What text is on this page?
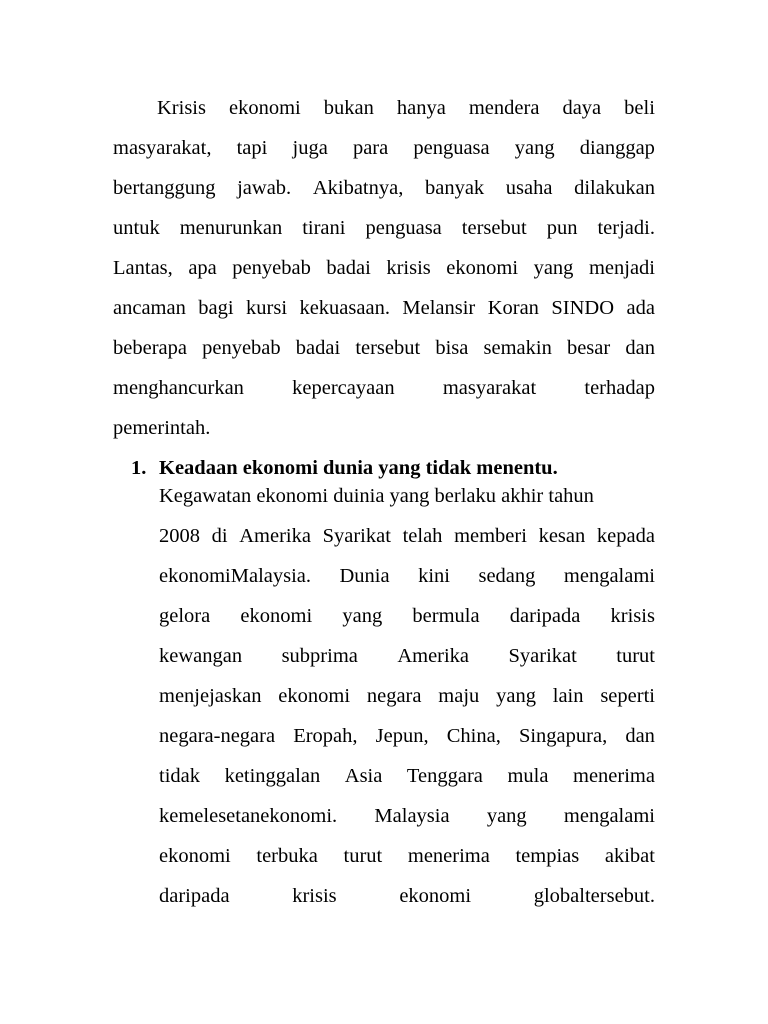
Krisis ekonomi bukan hanya mendera daya beli
masyarakat, tapi juga para penguasa yang dianggap
bertanggung jawab. Akibatnya, banyak usaha dilakukan
untuk menurunkan tirani penguasa tersebut pun terjadi.
Lantas, apa penyebab badai krisis ekonomi yang menjadi
ancaman bagi kursi kekuasaan. Melansir Koran SINDO ada
beberapa penyebab badai tersebut bisa semakin besar dan
menghancurkan kepercayaan masyarakat terhadap
pemerintah.
1. Keadaan ekonomi dunia yang tidak menentu.
Kegawatan ekonomi duinia yang berlaku akhir tahun
2008 di Amerika Syarikat telah memberi kesan kepada
ekonomiMalaysia. Dunia kini sedang mengalami
gelora ekonomi yang bermula daripada krisis
kewangan subprima Amerika Syarikat turut
menjejaskan ekonomi negara maju yang lain seperti
negara-negara Eropah, Jepun, China, Singapura, dan
tidak ketinggalan Asia Tenggara mula menerima
kemelesetanekonomi. Malaysia yang mengalami
ekonomi terbuka turut menerima tempias akibat
daripada	krisis	ekonomi	globaltersebut.
